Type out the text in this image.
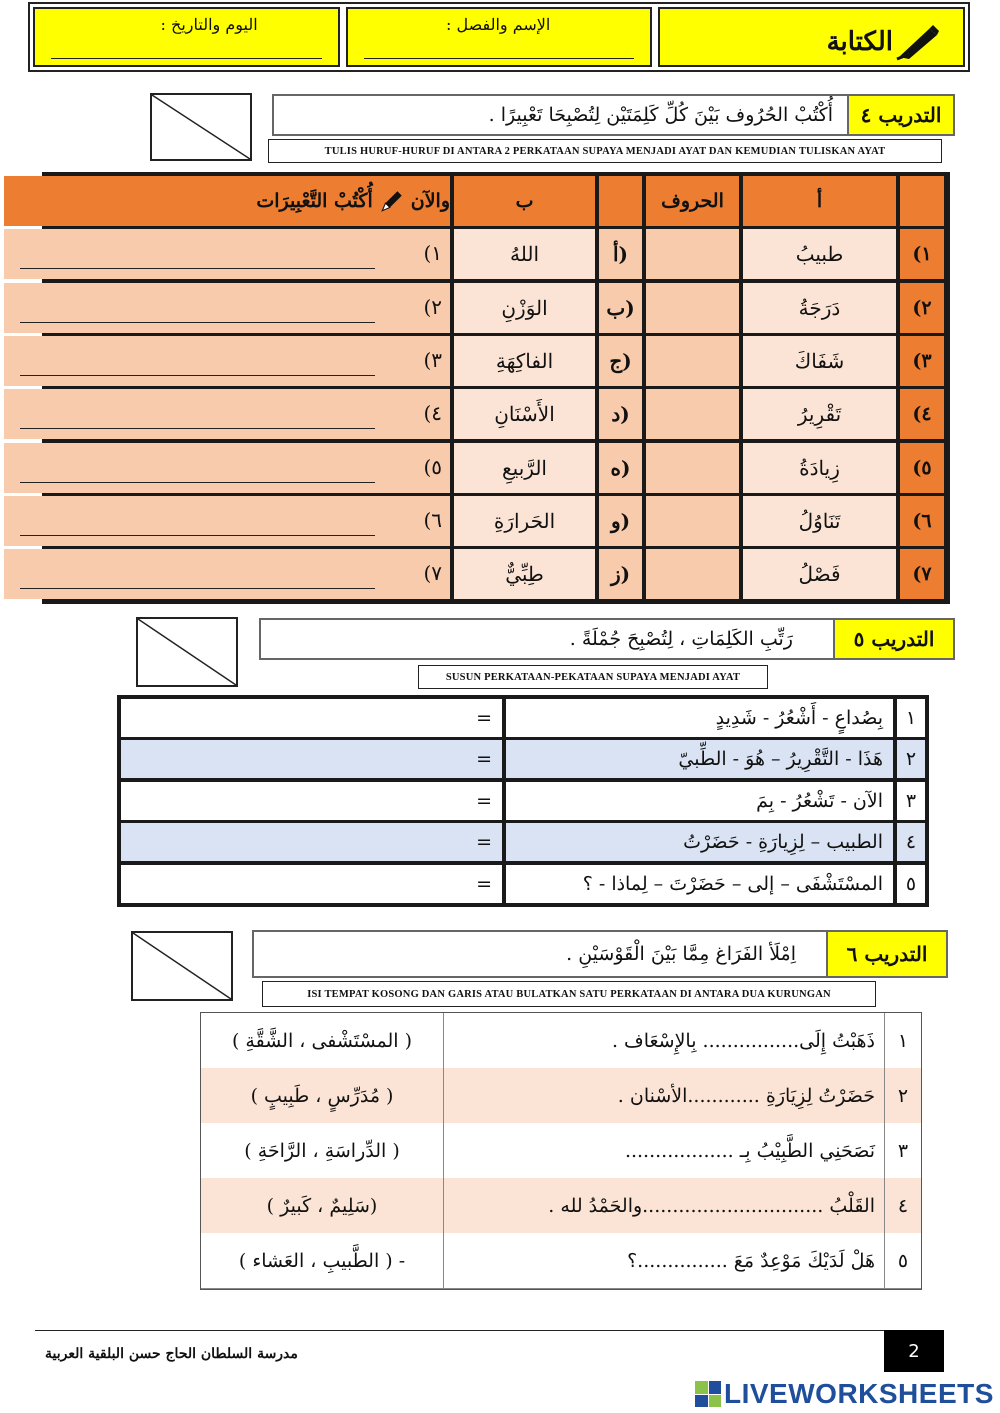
اليوم والتاريخ :	الإسم والفصل :
الكتابة
التدريب ٤
أُكْتُبْ الحُرُوف بَيْنَ كُلِّ كَلِمَتَيْن لِتُصْبِحَا تَعْبِيرًا .
TULIS HURUF-HURUF DI ANTARA 2 PERKATAAN SUPAYA MENJADI AYAT DAN KEMUDIAN TULISKAN AYAT
أ
الحروف
ب
والآن
أُكْتُبْ التَّعْبِيرَات
١)
طبيبُ
(أ
اللهُ
١)
٢)
دَرَجَةُ
(ب
الوَزْنِ
٢)
٣)
شَفَاكَ
(ج
الفاكِهَةِ
٣)
٤)
تَقْرِيرُ
(د
الأَسْنَانِ
٤)
٥)
زِيادَةُ
(ه
الرَّبيعِ
٥)
٦)
تَنَاوُلُ
(و
الحَرارَةِ
٦)
٧)
فَصْلُ
(ز
طِبِّيٌّ
٧)
التدريب ٥
رَتِّبِ الكَلِمَاتِ ، لِتُصْبِحَ جُمْلَةً .
SUSUN PERKATAAN-PEKATAAN SUPAYA MENJADI AYAT
١
بِصُداعٍ - أَشْعُرُ - شَدِيدٍ
=
٢
هَذَا - التَّقْرِيرُ – هُوَ - الطِّبيّ
=
٣
الآن - تَشْعُرُ - بِمَ
=
٤
الطبيب – لِزِيارَةِ - حَضَرْتُ
=
٥
المسْتَشْفَى – إلى – حَضَرْتَ – لِماذا - ؟
=
التدريب ٦
اِمْلَأ الفَرَاغ مِمَّا بَيْنَ الْقَوْسَيْنِ .
ISI TEMPAT KOSONG DAN GARIS ATAU BULATKAN SATU PERKATAAN DI ANTARA DUA KURUNGAN
١
ذَهَبْتُ إِلَى................ بِالإِسْعَاف .
( المسْتَشْفى ، الشَّقَّةِ )
٢
حَضَرْتُ لِزِيَارَةِ ............الأسْنان .
( مُدَرِّسٍ ، طَبِيبٍ )
٣
نَصَحَنِي الطَّبِيْبُ بِـ ..................
( الدِّراسَةِ ، الرَّاحَةِ )
٤
القَلْبُ ..............................والحَمْدُ لله .
(سَلِيمٌ ، كَبيرٌ )
٥
هَلْ لَدَيْكَ مَوْعِدٌ مَعَ ...............؟
- ( الطَّبيبِ ، العَشاء )
2
مدرسة السلطان الحاج حسن البلقية العربية
LIVEWORKSHEETS
